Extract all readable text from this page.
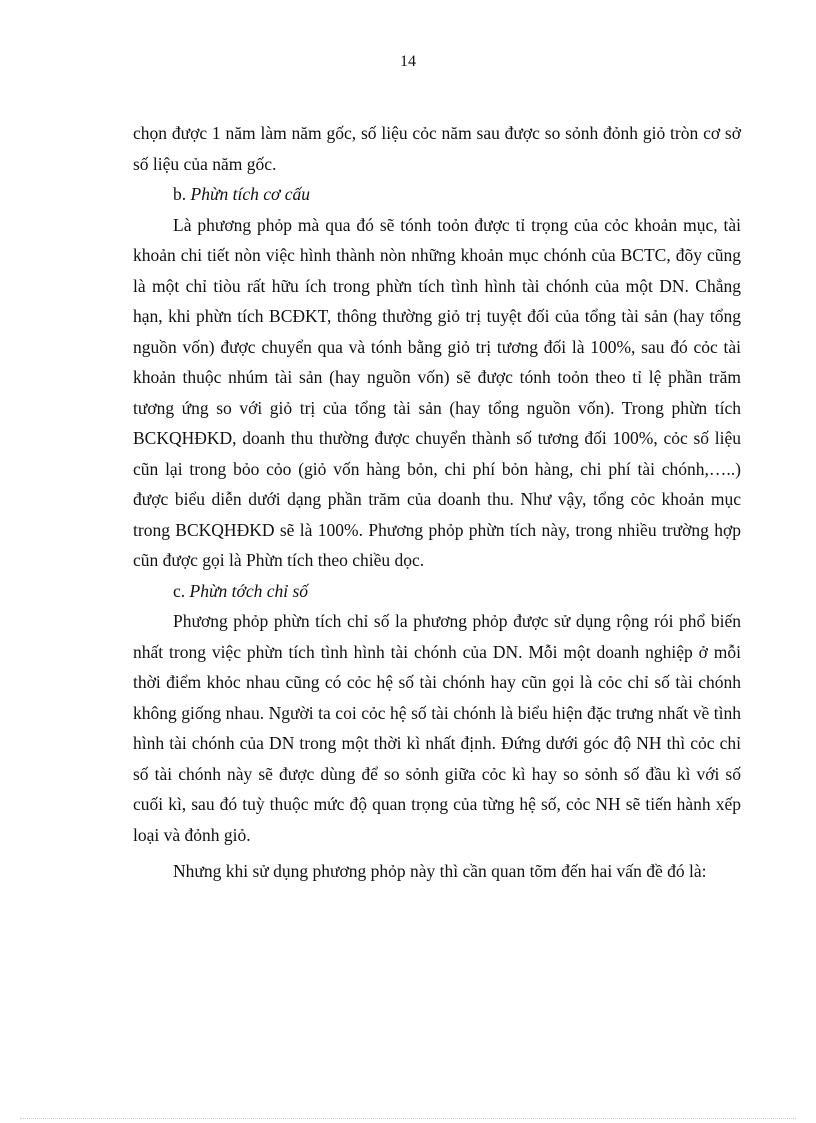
14

chọn được 1 năm làm năm gốc, số liệu cỏc năm sau được so sỏnh đỏnh giỏ tròn cơ sở số liệu của năm gốc.

b. Phừn tích cơ cấu

Là phương phỏp mà qua đó sẽ tónh toỏn được tỉ trọng của cỏc khoản mục, tài khoản chi tiết nòn việc hình thành nòn những khoản mục chónh của BCTC, đõy cũng là một chỉ tiòu rất hữu ích trong phừn tích tình hình tài chónh của một DN. Chẳng hạn, khi phừn tích BCĐKT, thông thường giỏ trị tuyệt đối của tổng tài sản (hay tổng nguồn vốn) được chuyển qua và tónh bằng giỏ trị tương đối là 100%, sau đó cỏc tài khoản thuộc nhúm tài sản (hay nguồn vốn) sẽ được tónh toỏn theo tỉ lệ phần trăm tương ứng so với giỏ trị của tổng tài sản (hay tổng nguồn vốn). Trong phừn tích BCKQHĐKD, doanh thu thường được chuyển thành số tương đối 100%, cỏc số liệu cũn lại trong bỏo cỏo (giỏ vốn hàng bỏn, chi phí bỏn hàng, chi phí tài chónh,…..) được biểu diễn dưới dạng phần trăm của doanh thu. Như vậy, tổng cỏc khoản mục trong BCKQHĐKD sẽ là 100%. Phương phỏp phừn tích này, trong nhiều trường hợp cũn được gọi là Phừn tích theo chiều dọc.

c. Phừn tớch chỉ số

Phương phỏp phừn tích chỉ số la phương phỏp được sử dụng rộng rói phổ biến nhất trong việc phừn tích tình hình tài chónh của DN. Mỗi một doanh nghiệp ở mỗi thời điểm khỏc nhau cũng có cỏc hệ số tài chónh hay cũn gọi là cỏc chỉ số tài chónh không giống nhau. Người ta coi cỏc hệ số tài chónh là biểu hiện đặc trưng nhất về tình hình tài chónh của DN trong một thời kì nhất định. Đứng dưới góc độ NH thì cỏc chỉ số tài chónh này sẽ được dùng để so sỏnh giữa cỏc kì hay so sỏnh số đầu kì với số cuối kì, sau đó tuỳ thuộc mức độ quan trọng của từng hệ số, cỏc NH sẽ tiến hành xếp loại và đỏnh giỏ.

Nhưng khi sử dụng phương phỏp này thì cần quan tõm đến hai vấn đề đó là:
